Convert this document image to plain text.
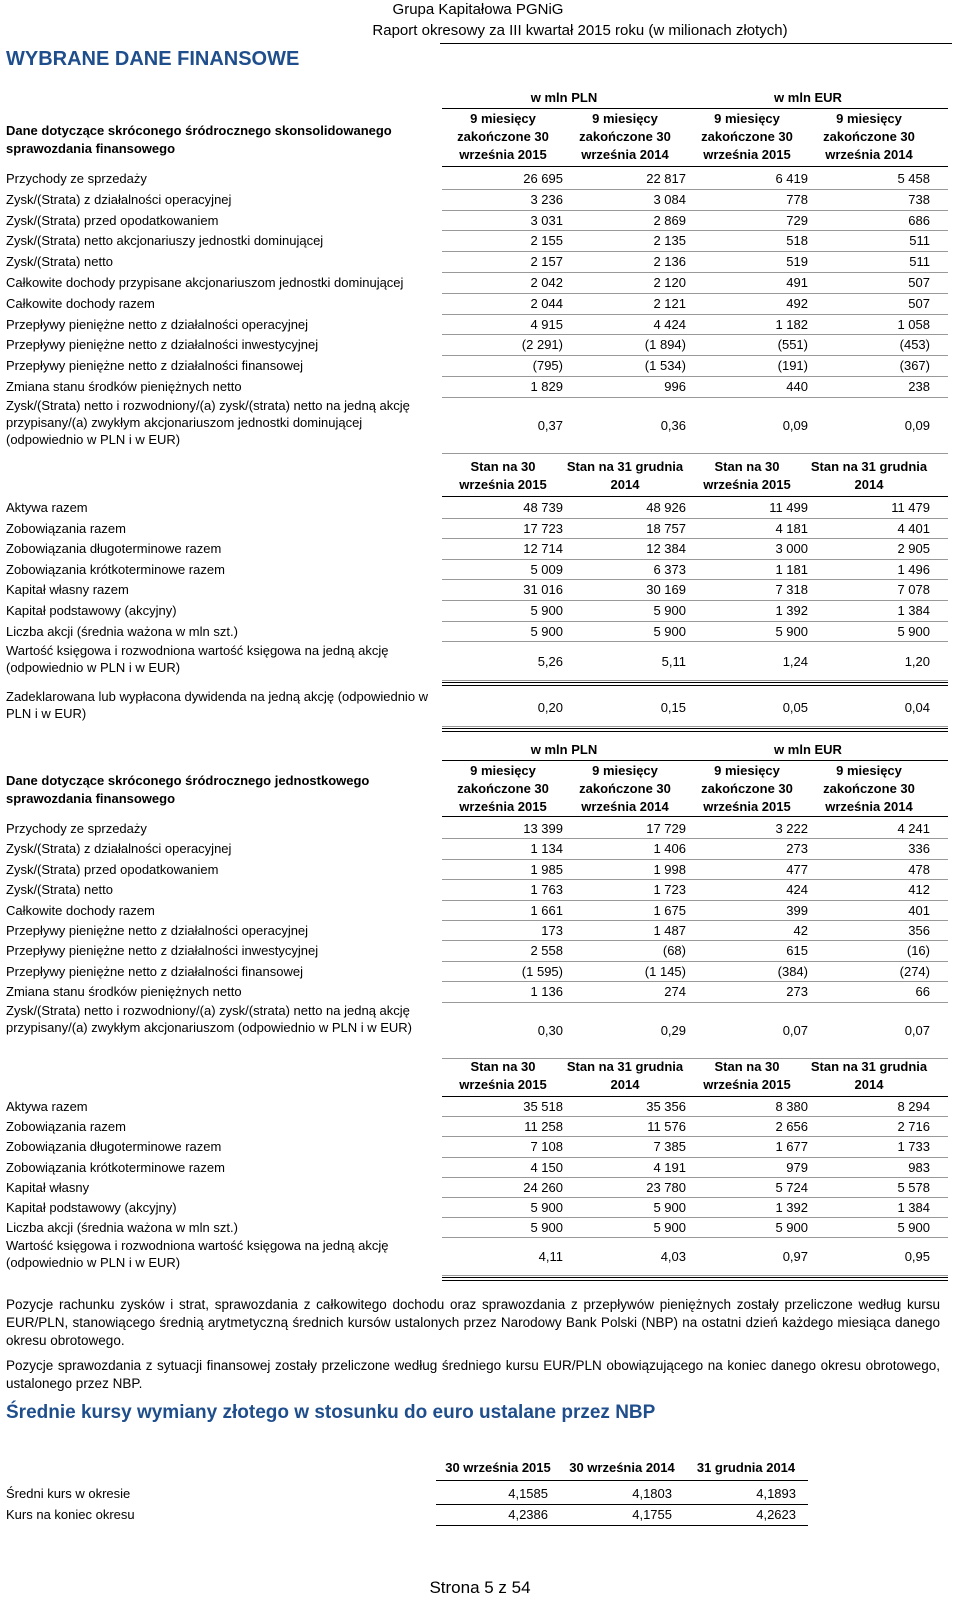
Grupa Kapitałowa PGNiG
Raport okresowy za III kwartał 2015 roku (w milionach złotych)
WYBRANE DANE FINANSOWE
w mln PLN	w mln EUR
Dane dotyczące skróconego śródrocznego skonsolidowanego sprawozdania finansowego
9 miesięcy zakończone 30 września 2015
9 miesięcy zakończone 30 września 2014
9 miesięcy zakończone 30 września 2015
9 miesięcy zakończone 30 września 2014
Przychody ze sprzedaży	26 695	22 817	6 419	5 458
Zysk/(Strata) z działalności operacyjnej	3 236	3 084	778	738
Zysk/(Strata) przed opodatkowaniem	3 031	2 869	729	686
Zysk/(Strata) netto akcjonariuszy jednostki dominującej	2 155	2 135	518	511
Zysk/(Strata) netto	2 157	2 136	519	511
Całkowite dochody przypisane akcjonariuszom jednostki dominującej	2 042	2 120	491	507
Całkowite dochody razem	2 044	2 121	492	507
Przepływy pieniężne netto z działalności operacyjnej	4 915	4 424	1 182	1 058
Przepływy pieniężne netto z działalności inwestycyjnej	(2 291)	(1 894)	(551)	(453)
Przepływy pieniężne netto z działalności finansowej	(795)	(1 534)	(191)	(367)
Zmiana stanu środków pieniężnych netto	1 829	996	440	238
Zysk/(Strata) netto i rozwodniony/(a) zysk/(strata) netto na jedną akcję przypisany/(a) zwykłym akcjonariuszom jednostki dominującej (odpowiednio w PLN i w EUR)
0,37	0,36	0,09	0,09
Stan na 30 września 2015
Stan na 31 grudnia 2014
Stan na 30 września 2015
Stan na 31 grudnia 2014
Aktywa razem	48 739	48 926	11 499	11 479
Zobowiązania razem	17 723	18 757	4 181	4 401
Zobowiązania długoterminowe razem	12 714	12 384	3 000	2 905
Zobowiązania krótkoterminowe razem	5 009	6 373	1 181	1 496
Kapitał własny razem	31 016	30 169	7 318	7 078
Kapitał podstawowy (akcyjny)	5 900	5 900	1 392	1 384
Liczba akcji (średnia ważona w mln szt.)	5 900	5 900	5 900	5 900
Wartość księgowa i rozwodniona wartość księgowa na jedną akcję (odpowiednio w PLN i w EUR)	5,26	5,11	1,24	1,20
Zadeklarowana lub wypłacona dywidenda na jedną akcję (odpowiednio w PLN i w EUR)	0,20	0,15	0,05	0,04
w mln PLN	w mln EUR
Dane dotyczące skróconego śródrocznego jednostkowego sprawozdania finansowego
9 miesięcy zakończone 30 września 2015
9 miesięcy zakończone 30 września 2014
9 miesięcy zakończone 30 września 2015
9 miesięcy zakończone 30 września 2014
Przychody ze sprzedaży	13 399	17 729	3 222	4 241
Zysk/(Strata) z działalności operacyjnej	1 134	1 406	273	336
Zysk/(Strata) przed opodatkowaniem	1 985	1 998	477	478
Zysk/(Strata) netto	1 763	1 723	424	412
Całkowite dochody razem	1 661	1 675	399	401
Przepływy pieniężne netto z działalności operacyjnej	173	1 487	42	356
Przepływy pieniężne netto z działalności inwestycyjnej	2 558	(68)	615	(16)
Przepływy pieniężne netto z działalności finansowej	(1 595)	(1 145)	(384)	(274)
Zmiana stanu środków pieniężnych netto	1 136	274	273	66
Zysk/(Strata) netto i rozwodniony/(a) zysk/(strata) netto na jedną akcję przypisany/(a) zwykłym akcjonariuszom (odpowiednio w PLN i w EUR)	0,30	0,29	0,07	0,07
Stan na 30 września 2015
Stan na 31 grudnia 2014
Stan na 30 września 2015
Stan na 31 grudnia 2014
Aktywa razem	35 518	35 356	8 380	8 294
Zobowiązania razem	11 258	11 576	2 656	2 716
Zobowiązania długoterminowe razem	7 108	7 385	1 677	1 733
Zobowiązania krótkoterminowe razem	4 150	4 191	979	983
Kapitał własny	24 260	23 780	5 724	5 578
Kapitał podstawowy (akcyjny)	5 900	5 900	1 392	1 384
Liczba akcji (średnia ważona w mln szt.)	5 900	5 900	5 900	5 900
Wartość księgowa i rozwodniona wartość księgowa na jedną akcję (odpowiednio w PLN i w EUR)	4,11	4,03	0,97	0,95
Pozycje rachunku zysków i strat, sprawozdania z całkowitego dochodu oraz sprawozdania z przepływów pieniężnych zostały przeliczone według kursu EUR/PLN, stanowiącego średnią arytmetyczną średnich kursów ustalonych przez Narodowy Bank Polski (NBP) na ostatni dzień każdego miesiąca danego okresu obrotowego.
Pozycje sprawozdania z sytuacji finansowej zostały przeliczone według średniego kursu EUR/PLN obowiązującego na koniec danego okresu obrotowego, ustalonego przez NBP.
Średnie kursy wymiany złotego w stosunku do euro ustalane przez NBP
30 września 2015	30 września 2014	31 grudnia 2014
Średni kurs w okresie	4,1585	4,1803	4,1893
Kurs na koniec okresu	4,2386	4,1755	4,2623
Strona 5 z 54
